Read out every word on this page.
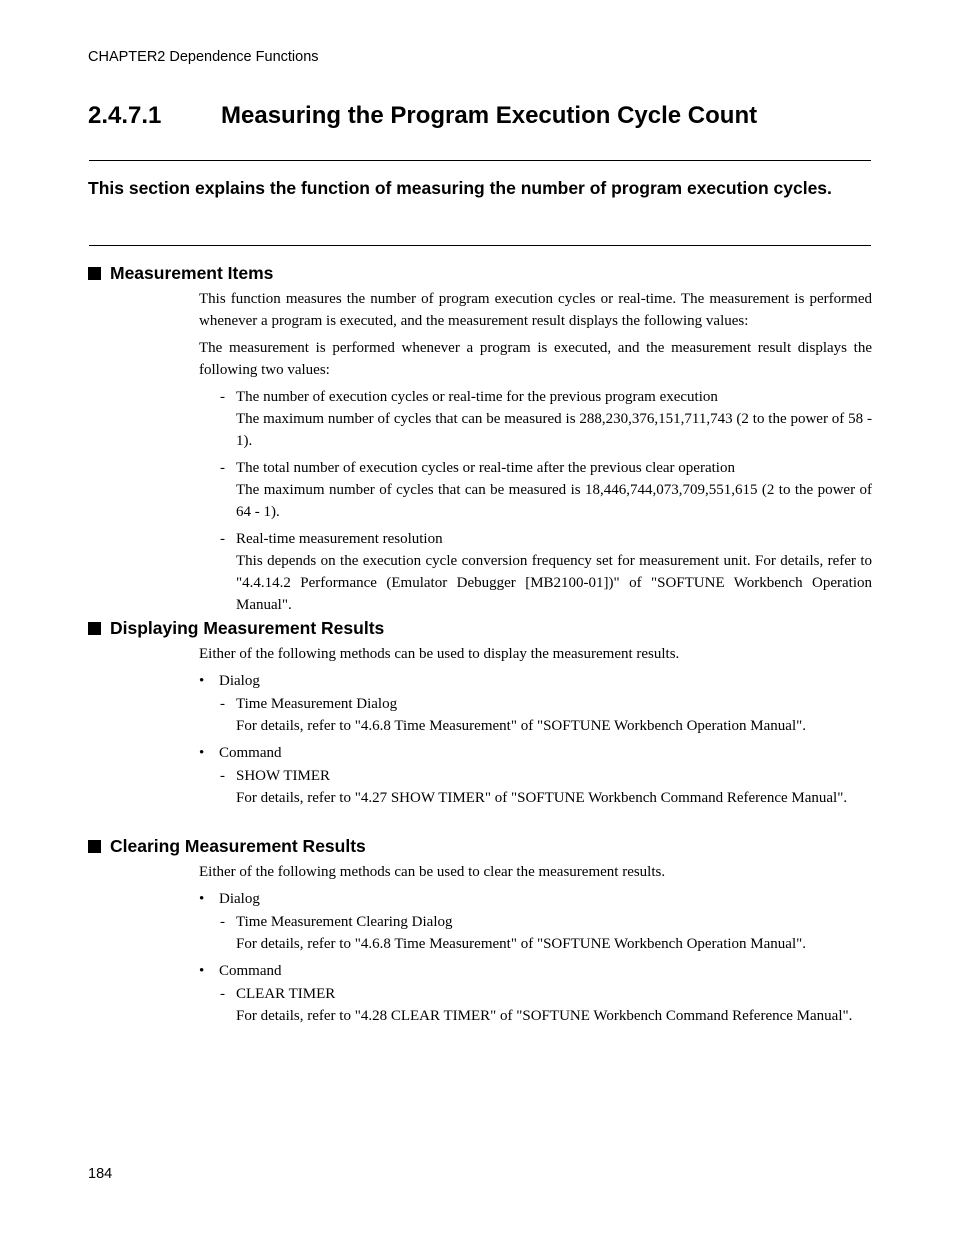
CHAPTER2 Dependence Functions
2.4.7.1 Measuring the Program Execution Cycle Count

This section explains the function of measuring the number of program execution cycles.

Measurement Items

This function measures the number of program execution cycles or real-time. The measurement is performed whenever a program is executed, and the measurement result displays the following values:

The measurement is performed whenever a program is executed, and the measurement result displays the following two values:

- The number of execution cycles or real-time for the previous program execution
The maximum number of cycles that can be measured is 288,230,376,151,711,743 (2 to the power of 58 - 1).
- The total number of execution cycles or real-time after the previous clear operation
The maximum number of cycles that can be measured is 18,446,744,073,709,551,615 (2 to the power of 64 - 1).
- Real-time measurement resolution
This depends on the execution cycle conversion frequency set for measurement unit. For details, refer to "4.4.14.2 Performance (Emulator Debugger [MB2100-01])" of "SOFTUNE Workbench Operation Manual".
Displaying Measurement Results

Either of the following methods can be used to display the measurement results.

• Dialog
- Time Measurement Dialog
For details, refer to "4.6.8 Time Measurement" of "SOFTUNE Workbench Operation Manual".
• Command
- SHOW TIMER
For details, refer to "4.27 SHOW TIMER" of "SOFTUNE Workbench Command Reference Manual".
Clearing Measurement Results

Either of the following methods can be used to clear the measurement results.

• Dialog
- Time Measurement Clearing Dialog
For details, refer to "4.6.8 Time Measurement" of "SOFTUNE Workbench Operation Manual".
• Command
- CLEAR TIMER
For details, refer to "4.28 CLEAR TIMER" of "SOFTUNE Workbench Command Reference Manual".
184
